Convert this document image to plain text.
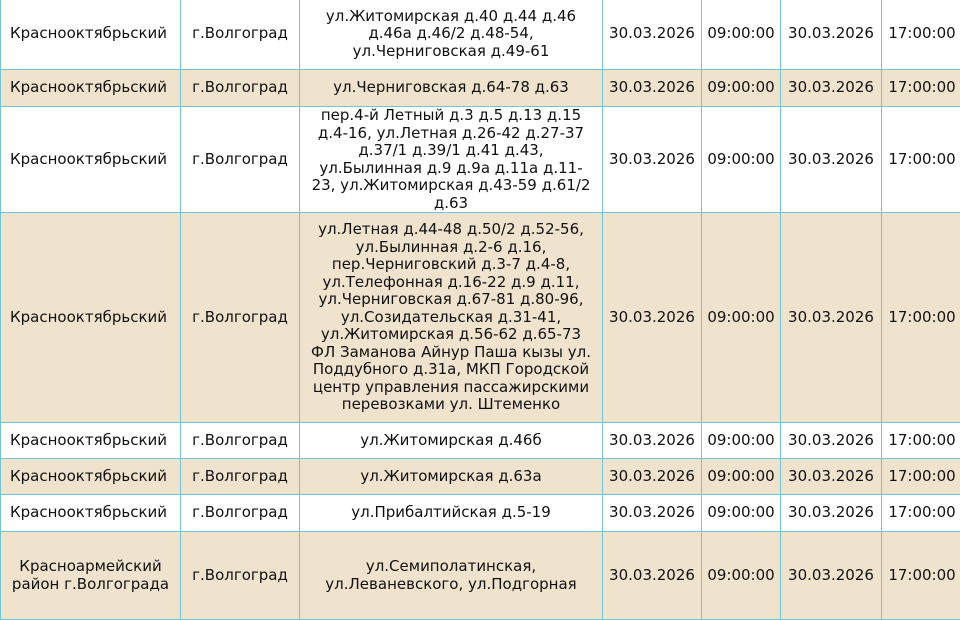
Краснооктябрьский	г.Волгоград	ул.Житомирская д.40 д.44 д.46 д.46а д.46/2 д.48-54, ул.Черниговская д.49-61	30.03.2026	09:00:00	30.03.2026	17:00:00
Краснооктябрьский	г.Волгоград	ул.Черниговская д.64-78 д.63	30.03.2026	09:00:00	30.03.2026	17:00:00
Краснооктябрьский	г.Волгоград	пер.4-й Летный д.3 д.5 д.13 д.15 д.4-16, ул.Летная д.26-42 д.27-37 д.37/1 д.39/1 д.41 д.43, ул.Былинная д.9 д.9а д.11а д.11-23, ул.Житомирская д.43-59 д.61/2 д.63	30.03.2026	09:00:00	30.03.2026	17:00:00
Краснооктябрьский	г.Волгоград	ул.Летная д.44-48 д.50/2 д.52-56, ул.Былинная д.2-6 д.16, пер.Черниговский д.3-7 д.4-8, ул.Телефонная д.16-22 д.9 д.11, ул.Черниговская д.67-81 д.80-96, ул.Созидательская д.31-41, ул.Житомирская д.56-62 д.65-73 ФЛ Заманова Айнур Паша кызы ул. Поддубного д.31а, МКП Городской центр управления пассажирскими перевозками ул. Штеменко	30.03.2026	09:00:00	30.03.2026	17:00:00
Краснооктябрьский	г.Волгоград	ул.Житомирская д.46б	30.03.2026	09:00:00	30.03.2026	17:00:00
Краснооктябрьский	г.Волгоград	ул.Житомирская д.63а	30.03.2026	09:00:00	30.03.2026	17:00:00
Краснооктябрьский	г.Волгоград	ул.Прибалтийская д.5-19	30.03.2026	09:00:00	30.03.2026	17:00:00
Красноармейский район г.Волгограда	г.Волгоград	ул.Семиполатинская, ул.Леваневского, ул.Подгорная	30.03.2026	09:00:00	30.03.2026	17:00:00
